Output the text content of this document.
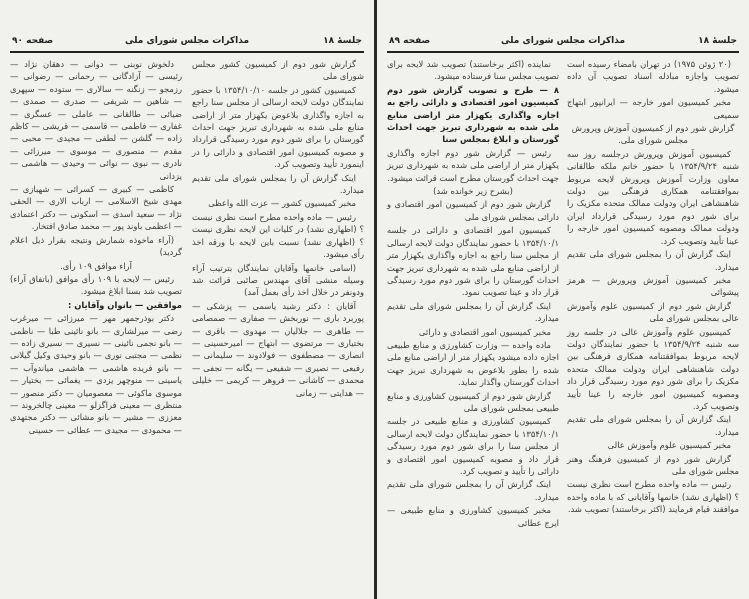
جلسهٔ ۱۸
مذاکرات مجلس شورای ملی
صفحه ۹۰

گزارش شور دوم از کمیسیون کشور مجلس شورای ملی

کمیسیون کشور در جلسه ۱۳۵۴/۱۰/۱۰ با حضور نمایندگان دولت لایحه ارسالی از مجلس سنا راجع به اجازه واگذاری بلاعوض یکهزار متر از اراضی منابع ملی شده به شهرداری تبریز جهت احداث گورستان را برای شور دوم مورد رسیدگی قرارداد و مصوبه کمیسیون امور اقتصادی و دارائی را در اینمورد تأیید وتصویب کرد.

اینک گزارش آن را بمجلس شورای ملی تقدیم میدارد.

مخبر کمیسیون کشور — عزت الله واعظی

رئیس — ماده واحده مطرح است نظری نیست ؟ (اظهاری نشد) در کلیات این لایحه نظری نیست ؟ (اظهاری نشد) نسبت باین لایحه با ورقه اخذ رأی میشود.

(اسامی خانمها وآقایان نمایندگان بترتیب آراء وسیله منشی آقای مهندس صائبی قرائت شد ودونفر در خلال اخذ رأی بعمل آمد)

آقایان : دکتر رشید یاسمی — پزشکی — پوربرد باری — نوربخش — صفاری — صمصامی — طاهری — جلالیان — مهدوی — باقری — بختیاری — مرتضوی — ابتهاج — امیرحسینی — انصاری — مصطفوی — فولادوند — سلیمانی — رفیعی — نصیری — شفیعی — یگانه — نجفی — محمدی — کاشانی — فروهر — کریمی — خلیلی — هدایتی — زمانی

دلخوش نوبنی — دوانی — دهقان نژاد — رئیسی — آزادگانی — رحمانی — رضوانی — رزمجو — زنگنه — سالاری — ستوده — سپهری — شاهین — شریفی — صدری — صمدی — ضیائی — طالقانی — عاملی — عسگری — غفاری — فاطمی — قاسمی — قریشی — کاظم زاده — گلشن — لطفی — مجیدی — محبی — مقدم — منصوری — موسوی — میرزائی — نادری — نبوی — نوائی — وحیدی — هاشمی — یزدانی

کاظمی — کبیری — کسرائی — شهبازی — مهدی شیخ الاسلامی — ارباب الاری — الحقی نژاد — سعید اسدی — اسکونی — دکتر اعتمادی — اعظمی باوند پور — محمد صادق افتخار.

(آراء ماخوذه شمارش ونتیجه بقرار ذیل اعلام گردید)

آراء موافق ۱۰۹ رأی.

رئیس — لایحه با ۱۰۹ رأی موافق (باتفاق آراء) تصویب شد بسنا ابلاغ میشود.

موافقین — بانوان وآقایان :

دکتر بوذرجمهر مهر — میرزائی — میرغرب رضی — میرلشاری — بانو نائینی طبا — ناظمی — بانو نجمی نائینی — نسیری — نسیری زاده — نظمی — مجتبی نوری — بانو وحیدی وکیل گیلانی — بانو فریده هاشمی — هاشمی میاندوآب — یاسینی — منوچهر یزدی — یغمائی — بختیار — موسوی ماکوئی — معصومیان — دکتر منصور — منتظری — معینی فراگزلو — معینی چالخروند — معززی — مشیر — بانو مشائی — دکتر مجتهدی — محمودی — مجیدی — عطائی — حسینی

جلسهٔ ۱۸
مذاکرات مجلس شورای ملی
صفحه ۸۹

(۲۰ ژوئن ۱۹۷۵) در تهران بامضاء رسیده است تصویب واجازه مبادله اسناد تصویب آن داده میشود.

مخبر کمیسیون امور خارجه — ایرانپور ابتهاج سمیعی

گزارش شور دوم از کمیسیون آموزش وپرورش مجلس شورای ملی.

کمیسیون آموزش وپرورش درجلسه روز سه شنبه ۱۳۵۴/۹/۲۴ با حضور خانم ملکه طالقانی معاون وزارت آموزش وپرورش لایحه مربوط بموافقتنامه همکاری فرهنگی بین دولت شاهنشاهی ایران ودولت ممالک متحده مکزیک را برای شور دوم مورد رسیدگی قرارداد ایران ودولت ممالک ومصوبه کمیسیون امور خارجه را عینا تأیید وتصویب کرد.

اینک گزارش آن را بمجلس شورای ملی تقدیم میدارد.

مخبر کمیسیون آموزش وپرورش — هرمز پیشوائی

گزارش شور دوم از کمیسیون علوم وآموزش عالی بمجلس شورای ملی

کمیسیون علوم وآموزش عالی در جلسه روز سه شنبه ۱۳۵۴/۹/۲۴ با حضور نمایندگان دولت لایحه مربوط بموافقتنامه همکاری فرهنگی بین دولت شاهنشاهی ایران ودولت ممالک متحده مکزیک را برای شور دوم مورد رسیدگی قرار داد ومصوبه کمیسیون امور خارجه را عینا تأیید وتصویب کرد.

اینک گزارش آن را بمجلس شورای ملی تقدیم میدارد.

مخبر کمیسیون علوم وآموزش عالی

گزارش شور دوم از کمیسیون فرهنگ وهنر مجلس شورای ملی

رئیس — ماده واحده مطرح است نظری نیست ؟ (اظهاری نشد) خانمها وآقایانی که با ماده واحده موافقند قیام فرمایند (اکثر برخاستند) تصویب شد.

نماینده (اکثر برخاستند) تصویب شد لایحه برای تصویب مجلس سنا فرستاده میشود.

۸ — طرح و تصویب گزارش شور دوم کمیسیون امور اقتصادی و دارائی راجع به اجازه واگذاری یکهزار متر اراضی منابع ملی شده به شهرداری تبریز جهت احداث گورستان و ابلاغ بمجلس سنا

رئیس — گزارش شور دوم اجازه واگذاری یکهزار متر از اراضی ملی شده به شهرداری تبریز جهت احداث گورستان مطرح است قرائت میشود.

(بشرح زیر خوانده شد)

گزارش شور دوم از کمیسیون امور اقتصادی و دارائی بمجلس شورای ملی

کمیسیون امور اقتصادی و دارائی در جلسه ۱۳۵۴/۱۰/۱ با حضور نمایندگان دولت لایحه ارسالی از مجلس سنا راجع به اجازه واگذاری یکهزار متر از اراضی منابع ملی شده به شهرداری تبریز جهت احداث گورستان را برای شور دوم مورد رسیدگی قرار داد و عینا تصویب نمود.

اینک گزارش آن را بمجلس شورای ملی تقدیم میدارد.

مخبر کمیسیون امور اقتصادی و دارائی

ماده واحده — وزارت کشاورزی و منابع طبیعی اجازه داده میشود یکهزار متر از اراضی منابع ملی شده را بطور بلاعوض به شهرداری تبریز جهت احداث گورستان واگذار نماید.

گزارش شور دوم از کمیسیون کشاورزی و منابع طبیعی بمجلس شورای ملی

کمیسیون کشاورزی و منابع طبیعی در جلسه ۱۳۵۴/۱۰/۱ با حضور نمایندگان دولت لایحه ارسالی از مجلس سنا را برای شور دوم مورد رسیدگی قرار داد و مصوبه کمیسیون امور اقتصادی و دارائی را تأیید و تصویب کرد.

اینک گزارش آن را بمجلس شورای ملی تقدیم میدارد.

مخبر کمیسیون کشاورزی و منابع طبیعی — ایرج عطائی
